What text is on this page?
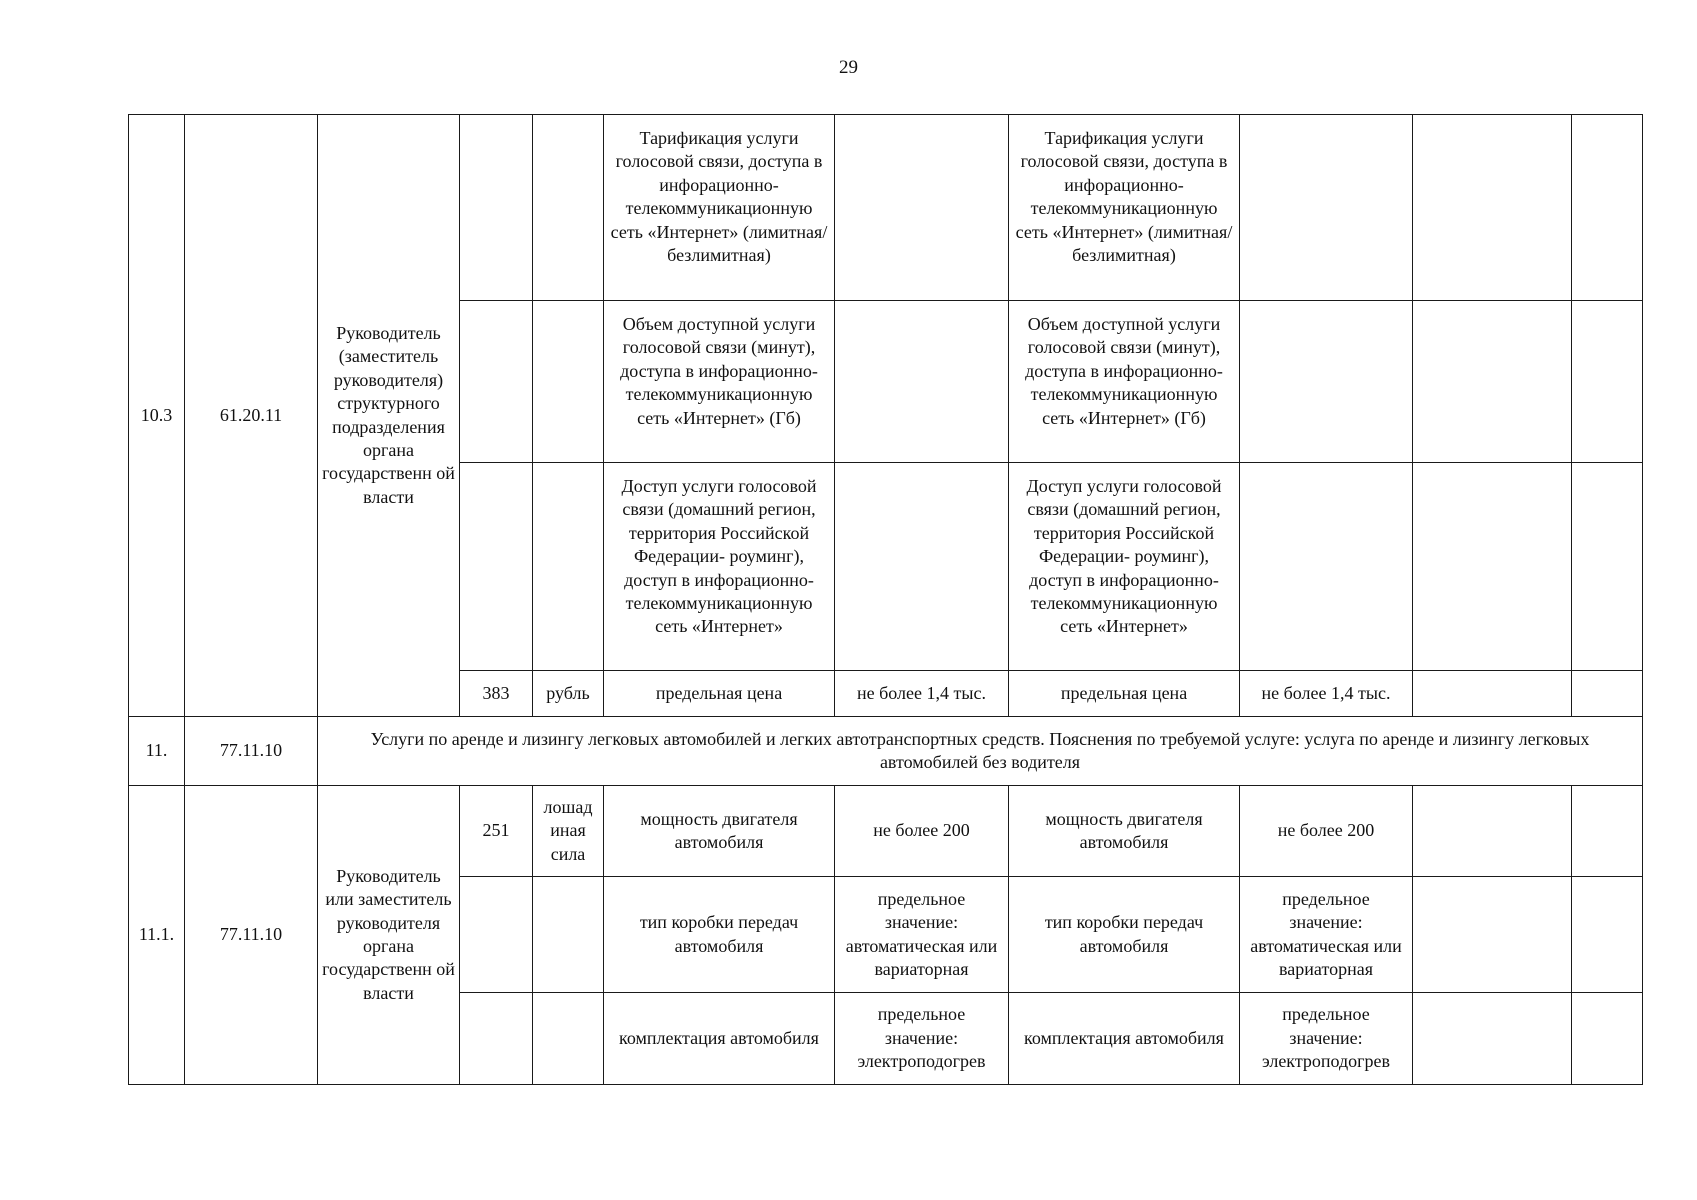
29
10.3	61.20.11	Руководитель (заместитель руководителя) структурного подразделения органа государственн ой власти			Тарификация услуги голосовой связи, доступа в инфорационно-телекоммуникационную сеть «Интернет» (лимитная/безлимитная)		Тарификация услуги голосовой связи, доступа в инфорационно-телекоммуникационную сеть «Интернет» (лимитная/безлимитная)			
					Объем доступной услуги голосовой связи (минут), доступа в инфорационно-телекоммуникационную сеть «Интернет» (Гб)		Объем доступной услуги голосовой связи (минут), доступа в инфорационно-телекоммуникационную сеть «Интернет» (Гб)			
					Доступ услуги голосовой связи (домашний регион, территория Российской Федерации- роуминг), доступ в инфорационно-телекоммуникационную сеть «Интернет»		Доступ услуги голосовой связи (домашний регион, территория Российской Федерации- роуминг), доступ в инфорационно-телекоммуникационную сеть «Интернет»			
			383	рубль	предельная цена	не более 1,4 тыс.	предельная цена	не более 1,4 тыс.		
11.	77.11.10	Услуги по аренде и лизингу легковых автомобилей и легких автотранспортных средств. Пояснения по требуемой услуге: услуга по аренде и лизингу легковых автомобилей без водителя								
11.1.	77.11.10	Руководитель или заместитель руководителя органа государственн ой власти	251	лошад иная сила	мощность двигателя автомобиля	не более 200	мощность двигателя автомобиля	не более 200		
					тип коробки передач автомобиля	предельное значение: автоматическая или вариаторная	тип коробки передач автомобиля	предельное значение: автоматическая или вариаторная		
					комплектация автомобиля	предельное значение: электроподогрев	комплектация автомобиля	предельное значение: электроподогрев		
